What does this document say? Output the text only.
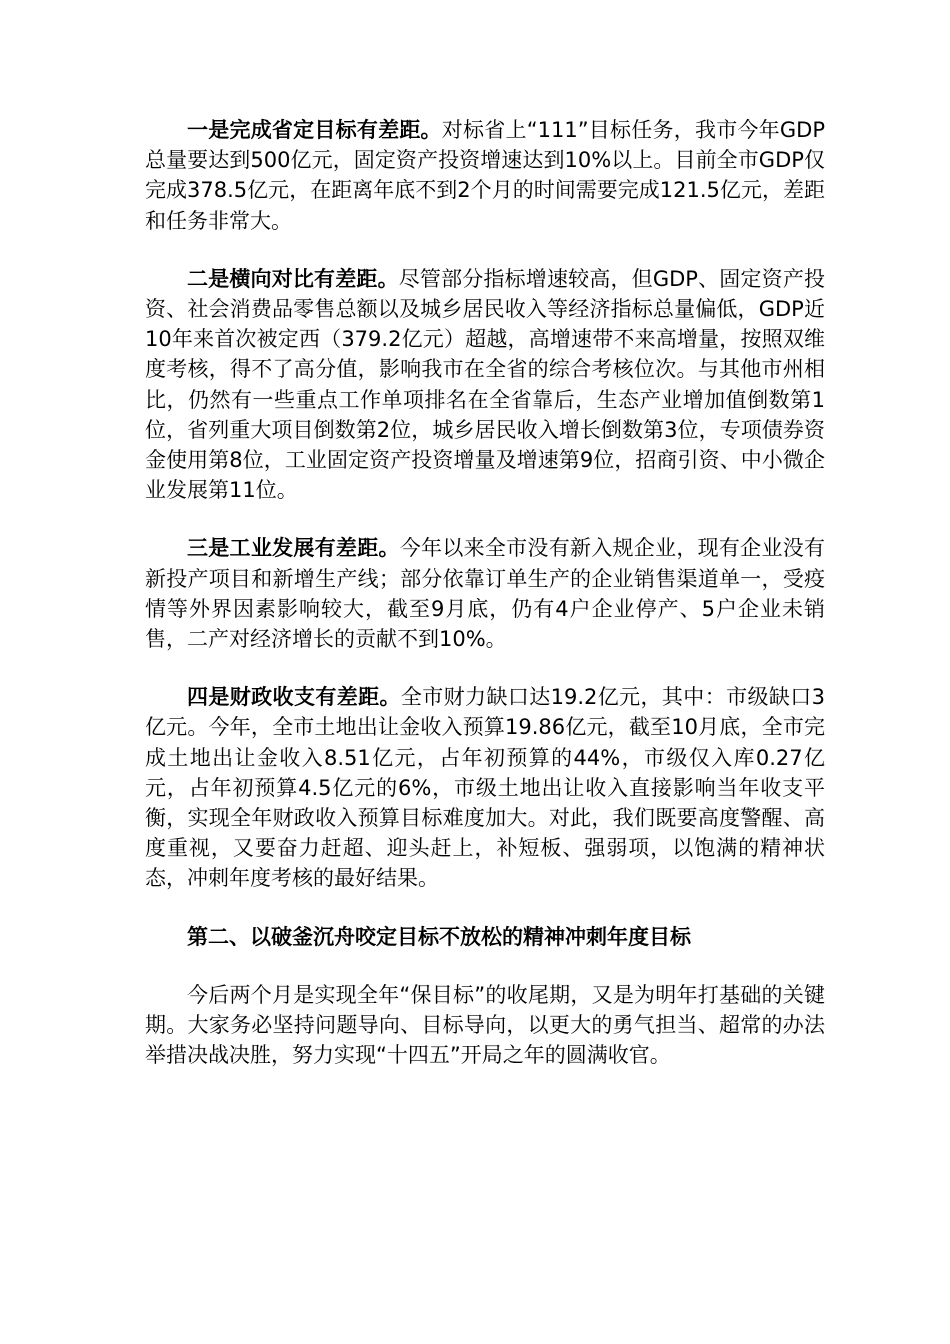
一是完成省定目标有差距。对标省上“111”目标任务，我市今年GDP总量要达到500亿元，固定资产投资增速达到10%以上。目前全市GDP仅完成378.5亿元，在距离年底不到2个月的时间需要完成121.5亿元，差距和任务非常大。

二是横向对比有差距。尽管部分指标增速较高，但GDP、固定资产投资、社会消费品零售总额以及城乡居民收入等经济指标总量偏低，GDP近10年来首次被定西（379.2亿元）超越，高增速带不来高增量，按照双维度考核，得不了高分值，影响我市在全省的综合考核位次。与其他市州相比，仍然有一些重点工作单项排名在全省靠后，生态产业增加值倒数第1位，省列重大项目倒数第2位，城乡居民收入增长倒数第3位，专项债券资金使用第8位，工业固定资产投资增量及增速第9位，招商引资、中小微企业发展第11位。

三是工业发展有差距。今年以来全市没有新入规企业，现有企业没有新投产项目和新增生产线；部分依靠订单生产的企业销售渠道单一，受疫情等外界因素影响较大，截至9月底，仍有4户企业停产、5户企业未销售，二产对经济增长的贡献不到10%。

四是财政收支有差距。全市财力缺口达19.2亿元，其中：市级缺口3亿元。今年，全市土地出让金收入预算19.86亿元，截至10月底，全市完成土地出让金收入8.51亿元，占年初预算的44%，市级仅入库0.27亿元，占年初预算4.5亿元的6%，市级土地出让收入直接影响当年收支平衡，实现全年财政收入预算目标难度加大。对此，我们既要高度警醒、高度重视，又要奋力赶超、迎头赶上，补短板、强弱项，以饱满的精神状态，冲刺年度考核的最好结果。

第二、以破釜沉舟咬定目标不放松的精神冲刺年度目标

今后两个月是实现全年“保目标”的收尾期，又是为明年打基础的关键期。大家务必坚持问题导向、目标导向，以更大的勇气担当、超常的办法举措决战决胜，努力实现“十四五”开局之年的圆满收官。
